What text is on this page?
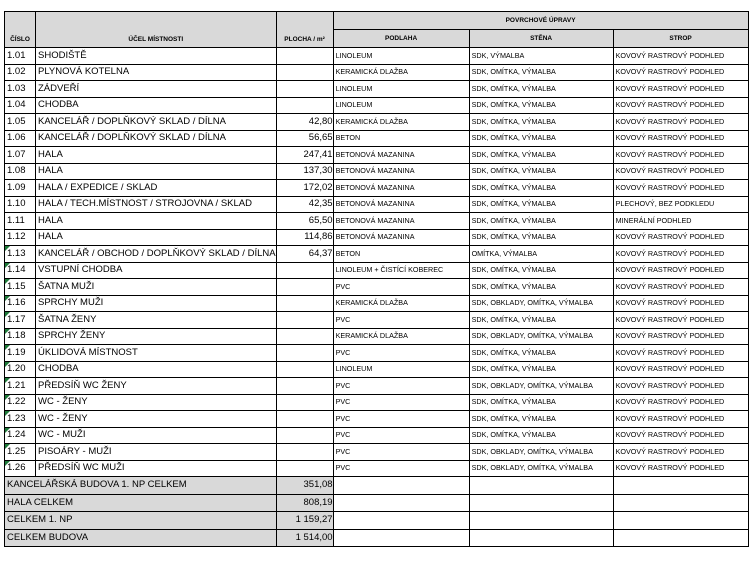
ČÍSLO	ÚČEL MÍSTNOSTI	PLOCHA / m²	POVRCHOVÉ ÚPRAVY		
			PODLAHA	STĚNA	STROP
1.01	SHODIŠTĚ		LINOLEUM	SDK, VÝMALBA	KOVOVÝ RASTROVÝ PODHLED
1.02	PLYNOVÁ KOTELNA		KERAMICKÁ DLAŽBA	SDK, OMÍTKA, VÝMALBA	KOVOVÝ RASTROVÝ PODHLED
1.03	ZÁDVEŘÍ		LINOLEUM	SDK, OMÍTKA, VÝMALBA	KOVOVÝ RASTROVÝ PODHLED
1.04	CHODBA		LINOLEUM	SDK, OMÍTKA, VÝMALBA	KOVOVÝ RASTROVÝ PODHLED
1.05	KANCELÁŘ / DOPLŇKOVÝ SKLAD / DÍLNA	42,80	KERAMICKÁ DLAŽBA	SDK, OMÍTKA, VÝMALBA	KOVOVÝ RASTROVÝ PODHLED
1.06	KANCELÁŘ / DOPLŇKOVÝ SKLAD / DÍLNA	56,65	BETON	SDK, OMÍTKA, VÝMALBA	KOVOVÝ RASTROVÝ PODHLED
1.07	HALA	247,41	BETONOVÁ MAZANINA	SDK, OMÍTKA, VÝMALBA	KOVOVÝ RASTROVÝ PODHLED
1.08	HALA	137,30	BETONOVÁ MAZANINA	SDK, OMÍTKA, VÝMALBA	KOVOVÝ RASTROVÝ PODHLED
1.09	HALA / EXPEDICE / SKLAD	172,02	BETONOVÁ MAZANINA	SDK, OMÍTKA, VÝMALBA	KOVOVÝ RASTROVÝ PODHLED
1.10	HALA / TECH.MÍSTNOST / STROJOVNA / SKLAD	42,35	BETONOVÁ MAZANINA	SDK, OMÍTKA, VÝMALBA	PLECHOVÝ, BEZ PODKLEDU
1.11	HALA	65,50	BETONOVÁ MAZANINA	SDK, OMÍTKA, VÝMALBA	MINERÁLNÍ PODHLED
1.12	HALA	114,86	BETONOVÁ MAZANINA	SDK, OMÍTKA, VÝMALBA	KOVOVÝ RASTROVÝ PODHLED

1.13	KANCELÁŘ / OBCHOD / DOPLŇKOVÝ SKLAD / DÍLNA	64,37	BETON	OMÍTKA, VÝMALBA	KOVOVÝ RASTROVÝ PODHLED

1.14	VSTUPNÍ CHODBA		LINOLEUM + ČISTÍCÍ KOBEREC	SDK, OMÍTKA, VÝMALBA	KOVOVÝ RASTROVÝ PODHLED

1.15	ŠATNA MUŽI		PVC	SDK, OMÍTKA, VÝMALBA	KOVOVÝ RASTROVÝ PODHLED

1.16	SPRCHY MUŽI		KERAMICKÁ DLAŽBA	SDK, OBKLADY, OMÍTKA, VÝMALBA	KOVOVÝ RASTROVÝ PODHLED

1.17	ŠATNA ŽENY		PVC	SDK, OMÍTKA, VÝMALBA	KOVOVÝ RASTROVÝ PODHLED

1.18	SPRCHY ŽENY		KERAMICKÁ DLAŽBA	SDK, OBKLADY, OMÍTKA, VÝMALBA	KOVOVÝ RASTROVÝ PODHLED

1.19	ÚKLIDOVÁ MÍSTNOST		PVC	SDK, OMÍTKA, VÝMALBA	KOVOVÝ RASTROVÝ PODHLED

1.20	CHODBA		LINOLEUM	SDK, OMÍTKA, VÝMALBA	KOVOVÝ RASTROVÝ PODHLED

1.21	PŘEDSÍŇ WC ŽENY		PVC	SDK, OBKLADY, OMÍTKA, VÝMALBA	KOVOVÝ RASTROVÝ PODHLED

1.22	WC - ŽENY		PVC	SDK, OMÍTKA, VÝMALBA	KOVOVÝ RASTROVÝ PODHLED

1.23	WC - ŽENY		PVC	SDK, OMÍTKA, VÝMALBA	KOVOVÝ RASTROVÝ PODHLED

1.24	WC - MUŽI		PVC	SDK, OMÍTKA, VÝMALBA	KOVOVÝ RASTROVÝ PODHLED

1.25	PISOÁRY - MUŽI		PVC	SDK, OBKLADY, OMÍTKA, VÝMALBA	KOVOVÝ RASTROVÝ PODHLED

1.26	PŘEDSÍŇ WC MUŽI		PVC	SDK, OBKLADY, OMÍTKA, VÝMALBA	KOVOVÝ RASTROVÝ PODHLED
KANCELÁŘSKÁ BUDOVA 1. NP CELKEM		351,08			
HALA CELKEM		808,19			
CELKEM 1. NP		1 159,27			
CELKEM BUDOVA		1 514,00			
